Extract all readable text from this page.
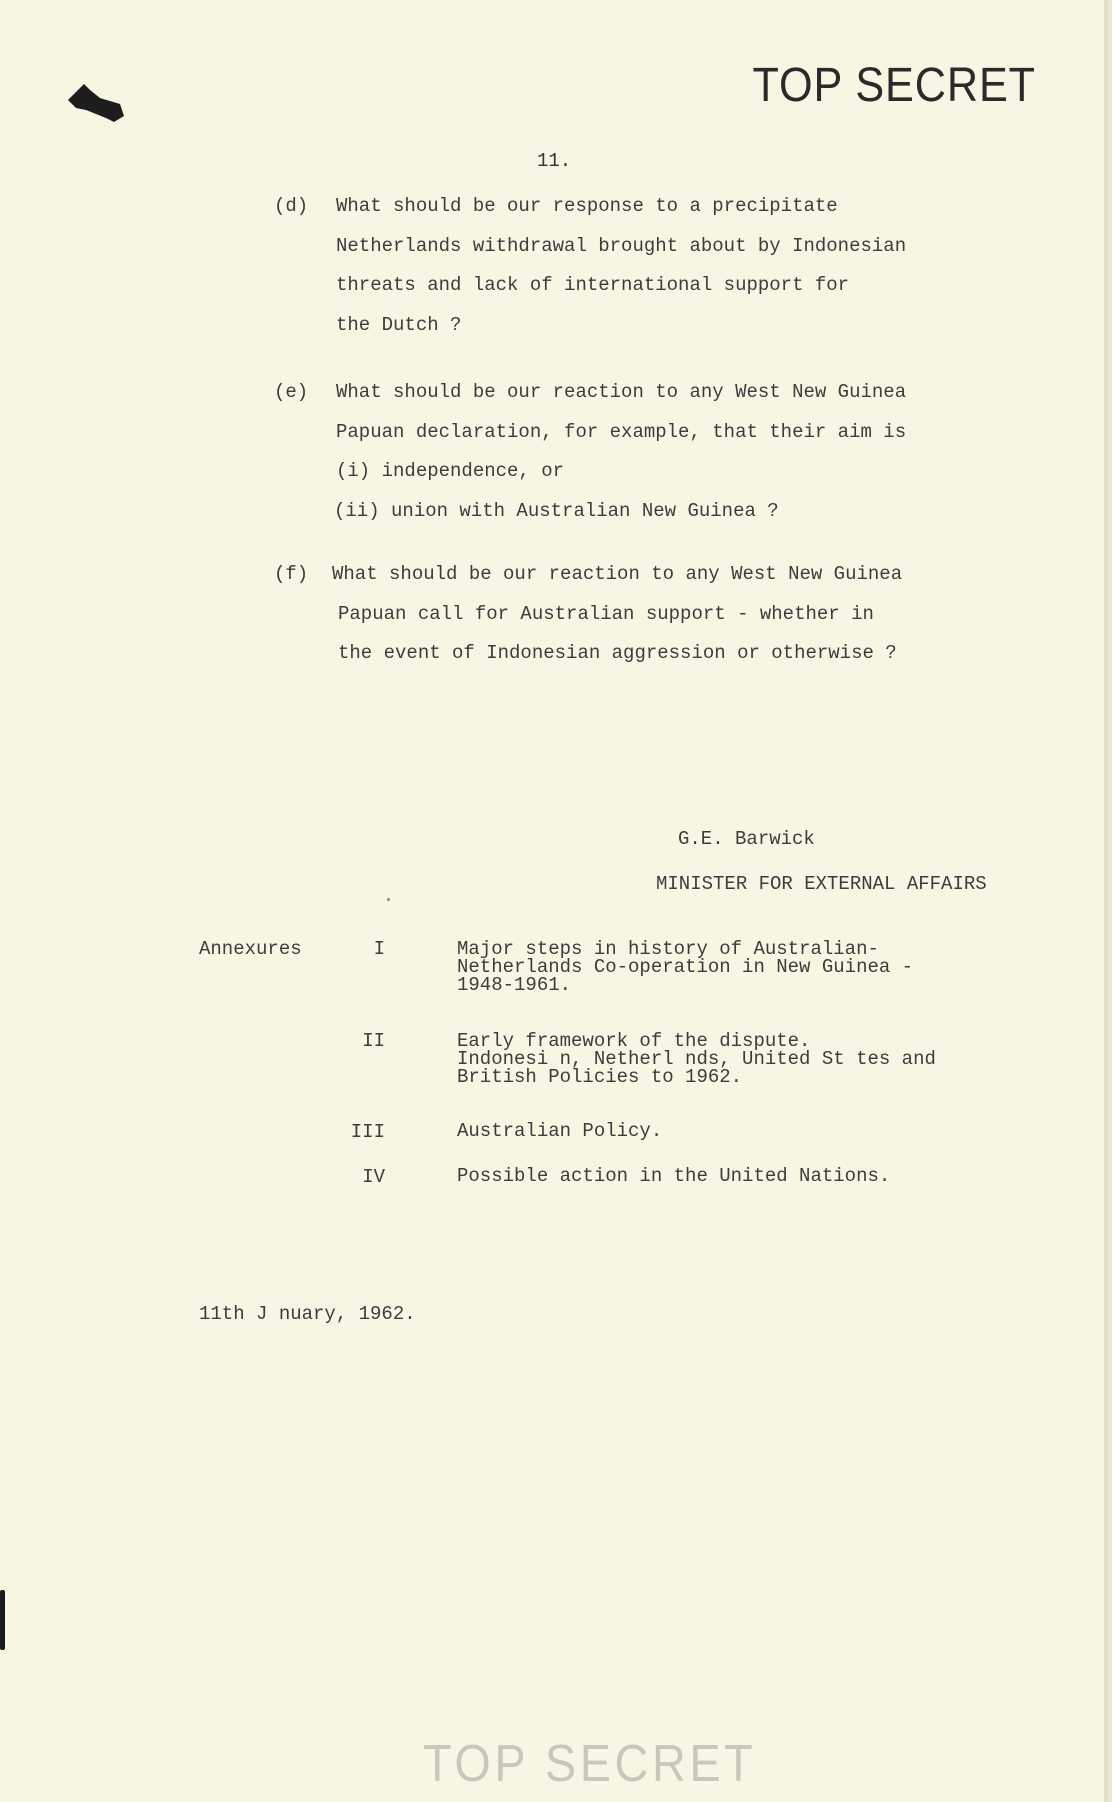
TOP SECRET
11.
(d) What should be our response to a precipitate
Netherlands withdrawal brought about by Indonesian
threats and lack of international support for
the Dutch ?
(e) What should be our reaction to any West New Guinea
Papuan declaration, for example, that their aim is
(i) independence, or
(ii) union with Australian New Guinea ?
(f) What should be our reaction to any West New Guinea
Papuan call for Australian support - whether in
the event of Indonesian aggression or otherwise ?
G.E. Barwick
MINISTER FOR EXTERNAL AFFAIRS
Annexures	I	Major steps in history of Australian-
Netherlands Co-operation in New Guinea -
1948-1961.
II	Early framework of the dispute.
Indonesi n, Netherl nds, United St tes and
British Policies to 1962.
III	Australian Policy.
IV	Possible action in the United Nations.
11th J nuary, 1962.
TOP SECRET
